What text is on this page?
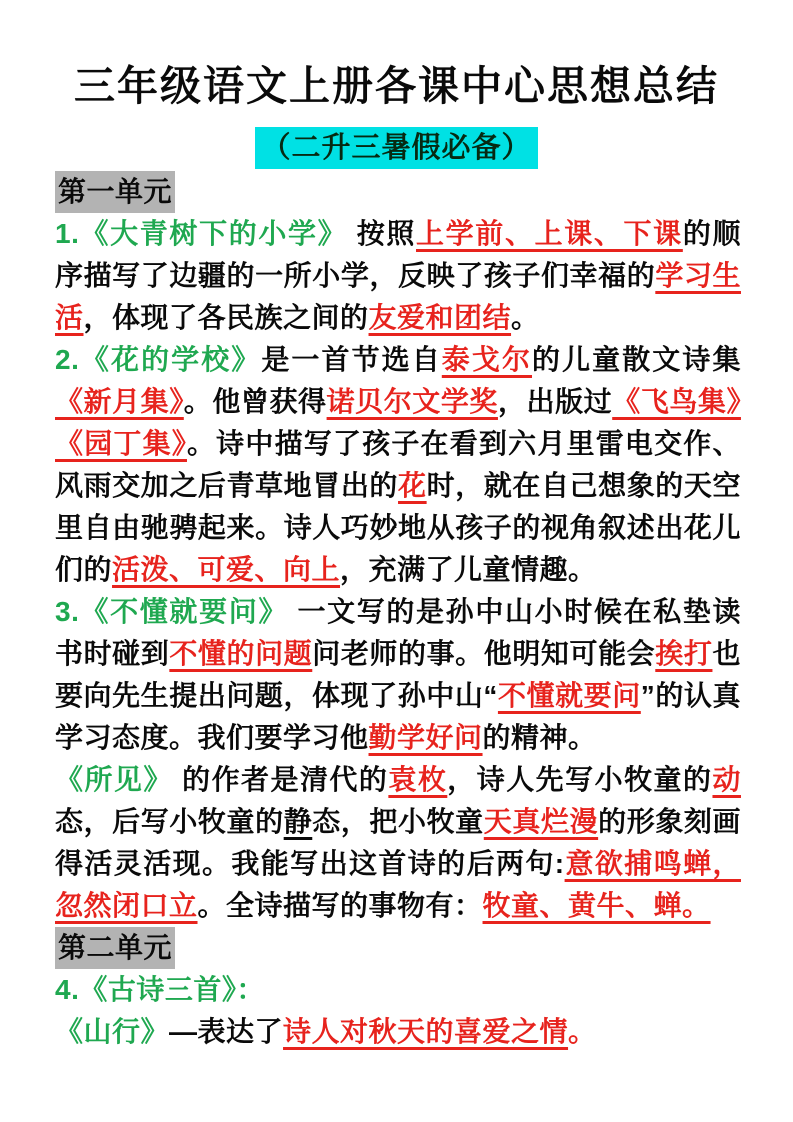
三年级语文上册各课中心思想总结
（二升三暑假必备）
第一单元

1.《大青树下的小学》 按照上学前、上课、下课的顺序描写了边疆的一所小学，反映了孩子们幸福的学习生活，体现了各民族之间的友爱和团结。

2.《花的学校》是一首节选自泰戈尔的儿童散文诗集《新月集》。他曾获得诺贝尔文学奖，出版过《飞鸟集》《园丁集》。诗中描写了孩子在看到六月里雷电交作、风雨交加之后青草地冒出的花时，就在自己想象的天空里自由驰骋起来。诗人巧妙地从孩子的视角叙述出花儿们的活泼、可爱、向上，充满了儿童情趣。

3.《不懂就要问》 一文写的是孙中山小时候在私垫读书时碰到不懂的问题问老师的事。他明知可能会挨打也要向先生提出问题，体现了孙中山“不懂就要问”的认真学习态度。我们要学习他勤学好问的精神。

《所见》 的作者是清代的袁枚，诗人先写小牧童的动态，后写小牧童的静态，把小牧童天真烂漫的形象刻画得活灵活现。我能写出这首诗的后两句:意欲捕鸣蝉，忽然闭口立。全诗描写的事物有：牧童、黄牛、蝉。

第二单元

4.《古诗三首》：

《山行》—表达了诗人对秋天的喜爱之情。
